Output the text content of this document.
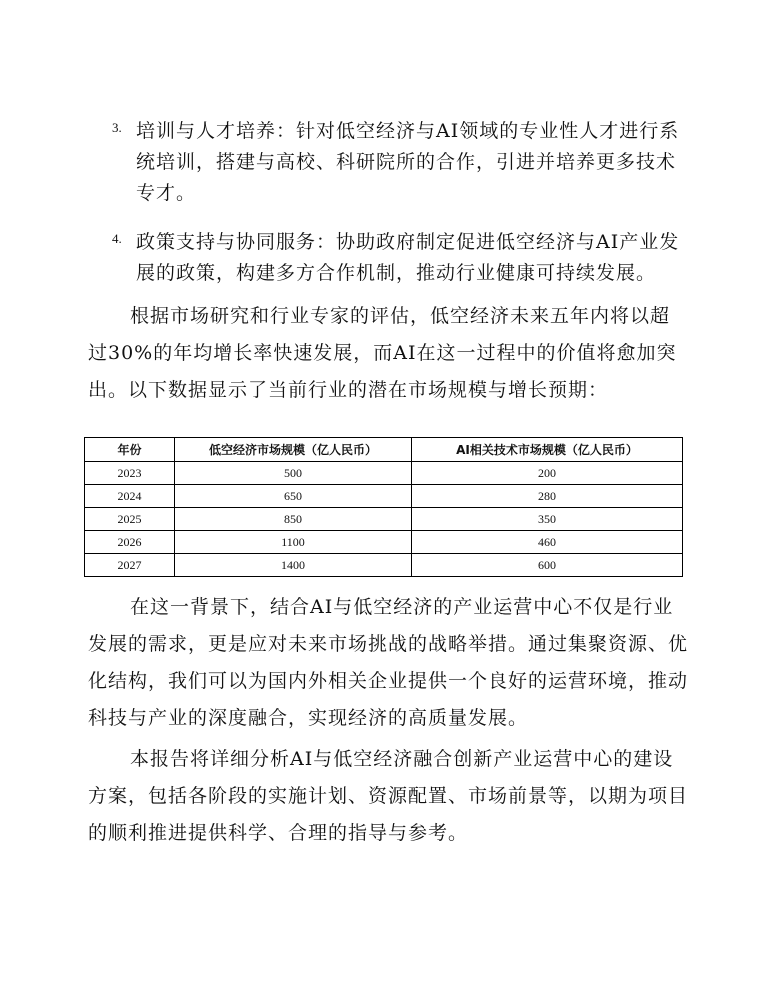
3. 培训与人才培养：针对低空经济与AI领域的专业性人才进行系统培训，搭建与高校、科研院所的合作，引进并培养更多技术专才。
4. 政策支持与协同服务：协助政府制定促进低空经济与AI产业发展的政策，构建多方合作机制，推动行业健康可持续发展。

根据市场研究和行业专家的评估，低空经济未来五年内将以超过30%的年均增长率快速发展，而AI在这一过程中的价值将愈加突出。以下数据显示了当前行业的潜在市场规模与增长预期：

年份	低空经济市场规模（亿人民币）	AI相关技术市场规模（亿人民币）
2023	500	200
2024	650	280
2025	850	350
2026	1100	460
2027	1400	600

在这一背景下，结合AI与低空经济的产业运营中心不仅是行业发展的需求，更是应对未来市场挑战的战略举措。通过集聚资源、优化结构，我们可以为国内外相关企业提供一个良好的运营环境，推动科技与产业的深度融合，实现经济的高质量发展。

本报告将详细分析AI与低空经济融合创新产业运营中心的建设方案，包括各阶段的实施计划、资源配置、市场前景等，以期为项目的顺利推进提供科学、合理的指导与参考。
